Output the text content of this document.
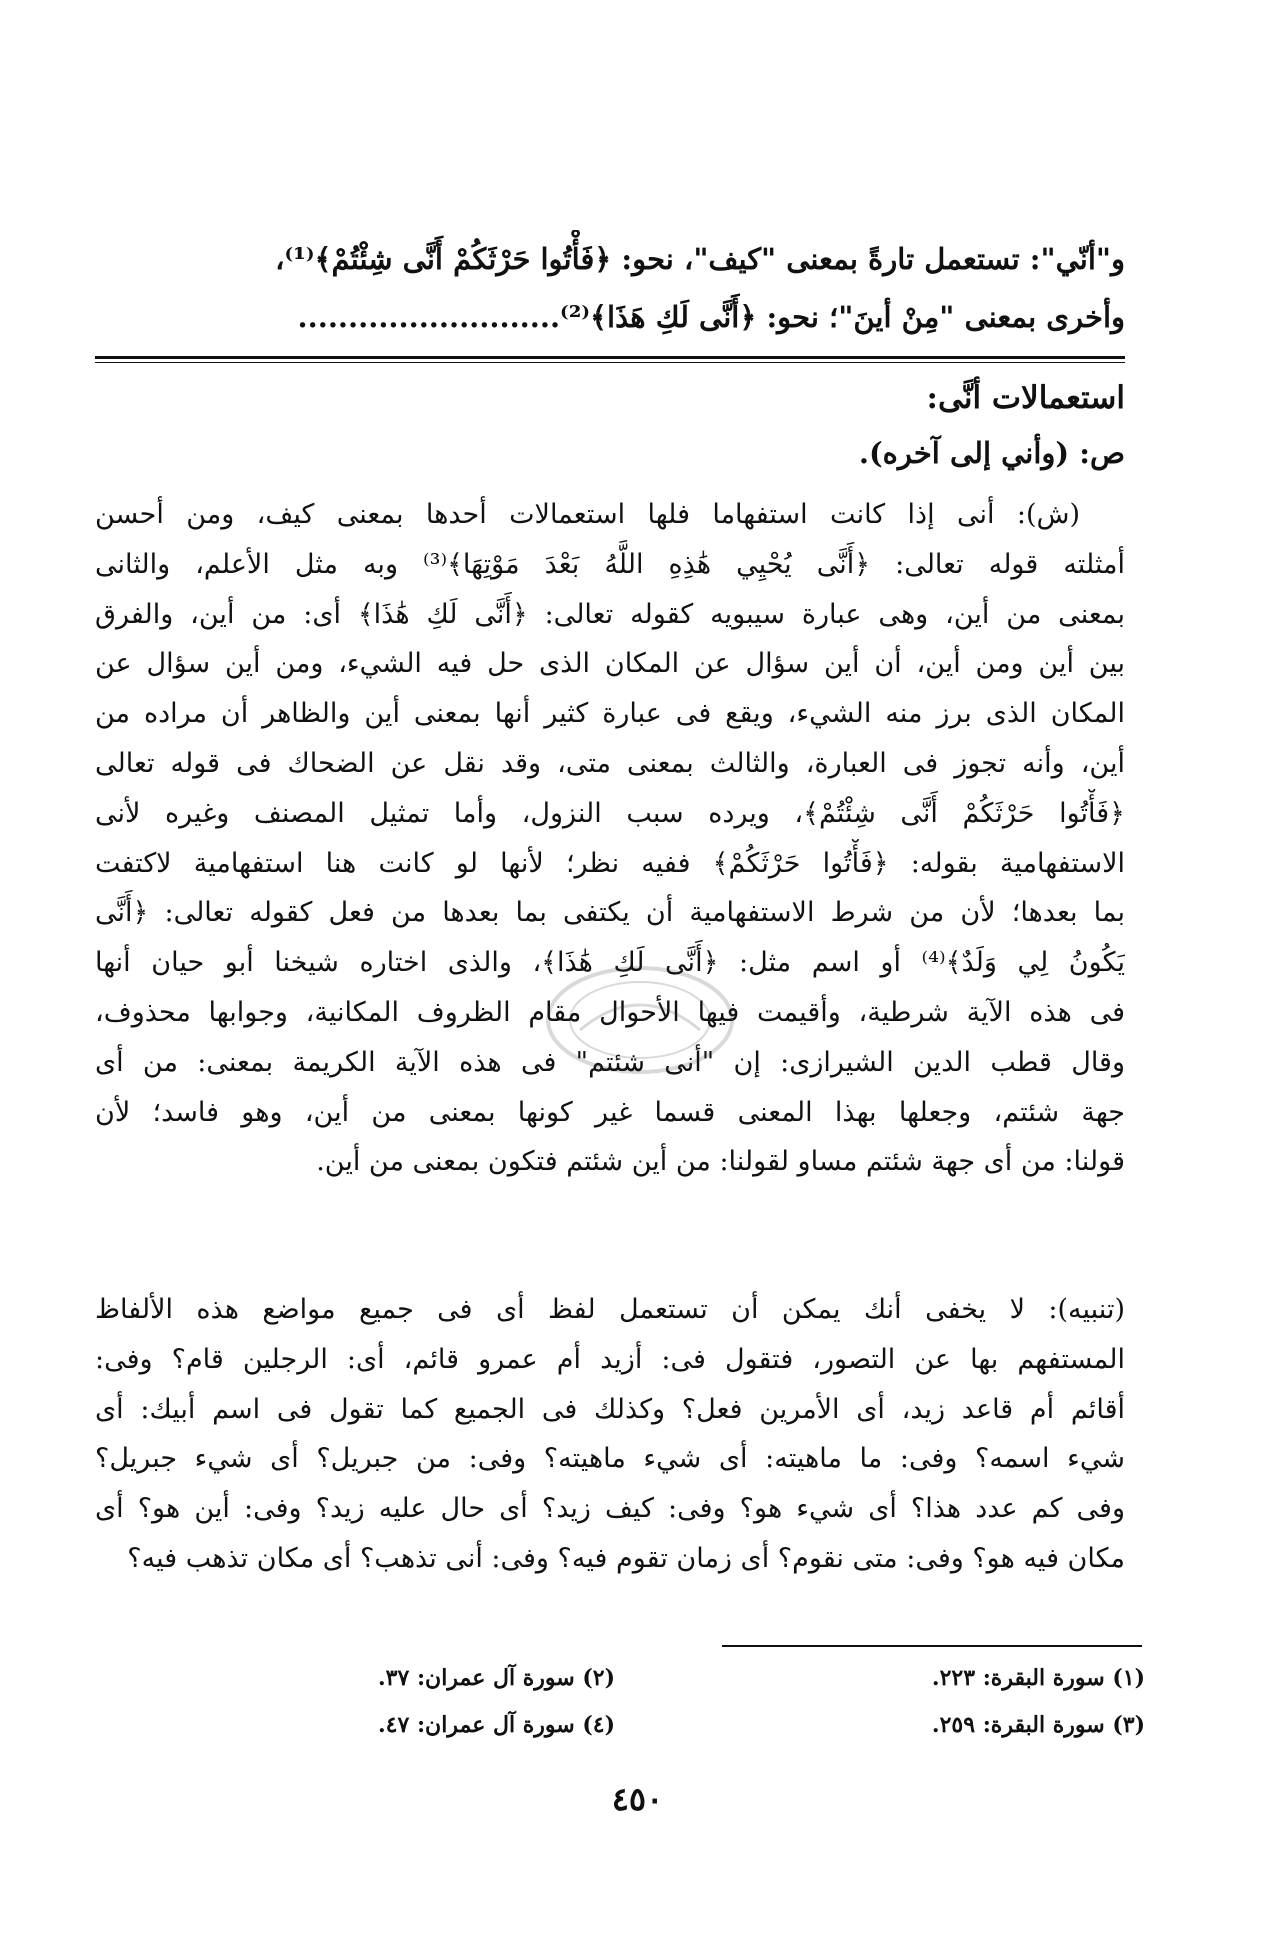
و"أنّي": تستعمل تارةً بمعنى "كيف"، نحو: ﴿فَأْتُوا حَرْثَكُمْ أَنَّى شِئْتُمْ﴾⁽¹⁾،
وأخرى بمعنى "مِنْ أينَ"؛ نحو: ﴿أَنَّى لَكِ هَذَا﴾⁽²⁾..........................
استعمالات أنَّى:
ص: (وأني إلى آخره).
(ش): أنى إذا كانت استفهاما فلها استعمالات أحدها بمعنى كيف، ومن أحسن
أمثلته قوله تعالى: ﴿أَنَّى يُحْيِي هَٰذِهِ اللَّهُ بَعْدَ مَوْتِهَا﴾⁽³⁾ وبه مثل الأعلم، والثانى
بمعنى من أين، وهى عبارة سيبويه كقوله تعالى: ﴿أَنَّى لَكِ هَٰذَا﴾ أى: من أين، والفرق
بين أين ومن أين، أن أين سؤال عن المكان الذى حل فيه الشيء، ومن أين سؤال عن
المكان الذى برز منه الشيء، ويقع فى عبارة كثير أنها بمعنى أين والظاهر أن مراده من
أين، وأنه تجوز فى العبارة، والثالث بمعنى متى، وقد نقل عن الضحاك فى قوله تعالى
﴿فَأْتُوا حَرْثَكُمْ أَنَّى شِئْتُمْ﴾، ويرده سبب النزول، وأما تمثيل المصنف وغيره لأنى
الاستفهامية بقوله: ﴿فَأْتُوا حَرْثَكُمْ﴾ ففيه نظر؛ لأنها لو كانت هنا استفهامية لاكتفت
بما بعدها؛ لأن من شرط الاستفهامية أن يكتفى بما بعدها من فعل كقوله تعالى: ﴿أَنَّى
يَكُونُ لِي وَلَدٌ﴾⁽⁴⁾ أو اسم مثل: ﴿أَنَّى لَكِ هَٰذَا﴾، والذى اختاره شيخنا أبو حيان أنها
فى هذه الآية شرطية، وأقيمت فيها الأحوال مقام الظروف المكانية، وجوابها محذوف،
وقال قطب الدين الشيرازى: إن "أنى شئتم" فى هذه الآية الكريمة بمعنى: من أى
جهة شئتم، وجعلها بهذا المعنى قسما غير كونها بمعنى من أين، وهو فاسد؛ لأن
قولنا: من أى جهة شئتم مساو لقولنا: من أين شئتم فتكون بمعنى من أين.
(تنبيه): لا يخفى أنك يمكن أن تستعمل لفظ أى فى جميع مواضع هذه الألفاظ
المستفهم بها عن التصور، فتقول فى: أزيد أم عمرو قائم، أى: الرجلين قام؟ وفى:
أقائم أم قاعد زيد، أى الأمرين فعل؟ وكذلك فى الجميع كما تقول فى اسم أبيك: أى
شيء اسمه؟ وفى: ما ماهيته: أى شيء ماهيته؟ وفى: من جبريل؟ أى شيء جبريل؟
وفى كم عدد هذا؟ أى شيء هو؟ وفى: كيف زيد؟ أى حال عليه زيد؟ وفى: أين هو؟ أى
مكان فيه هو؟ وفى: متى نقوم؟ أى زمان تقوم فيه؟ وفى: أنى تذهب؟ أى مكان تذهب فيه؟
(١) سورة البقرة: ٢٢٣.
(٢) سورة آل عمران: ٣٧.
(٣) سورة البقرة: ٢٥٩.
(٤) سورة آل عمران: ٤٧.
٤٥٠
